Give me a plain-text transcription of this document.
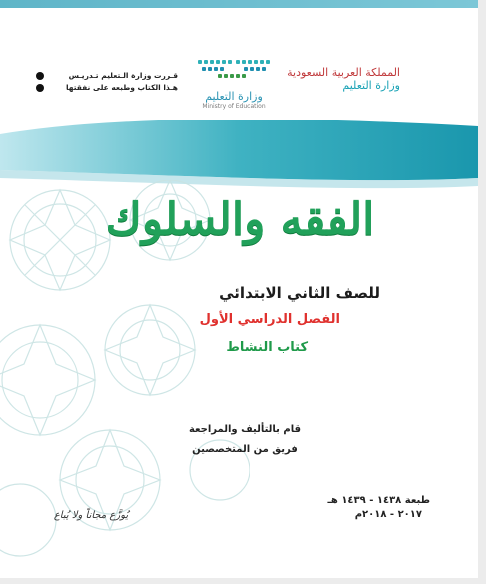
المملكة العربية السعودية
وزارة التعليم
وزارة التعليم
Ministry of Education
قـررت وزارة الـتعليم تـدريـس
هـذا الكتاب وطبعه على نفقتها
الفقه والسلوك
للصف الثاني الابتدائي
الفصل الدراسي الأول
كتاب النشاط
قام بالتأليف والمراجعة
فريق من المتخصصين
طبعة ١٤٣٨ - ١٤٣٩ هـ
٢٠١٧ - ٢٠١٨م
يُوزَّع مجاناً ولا يُباع
